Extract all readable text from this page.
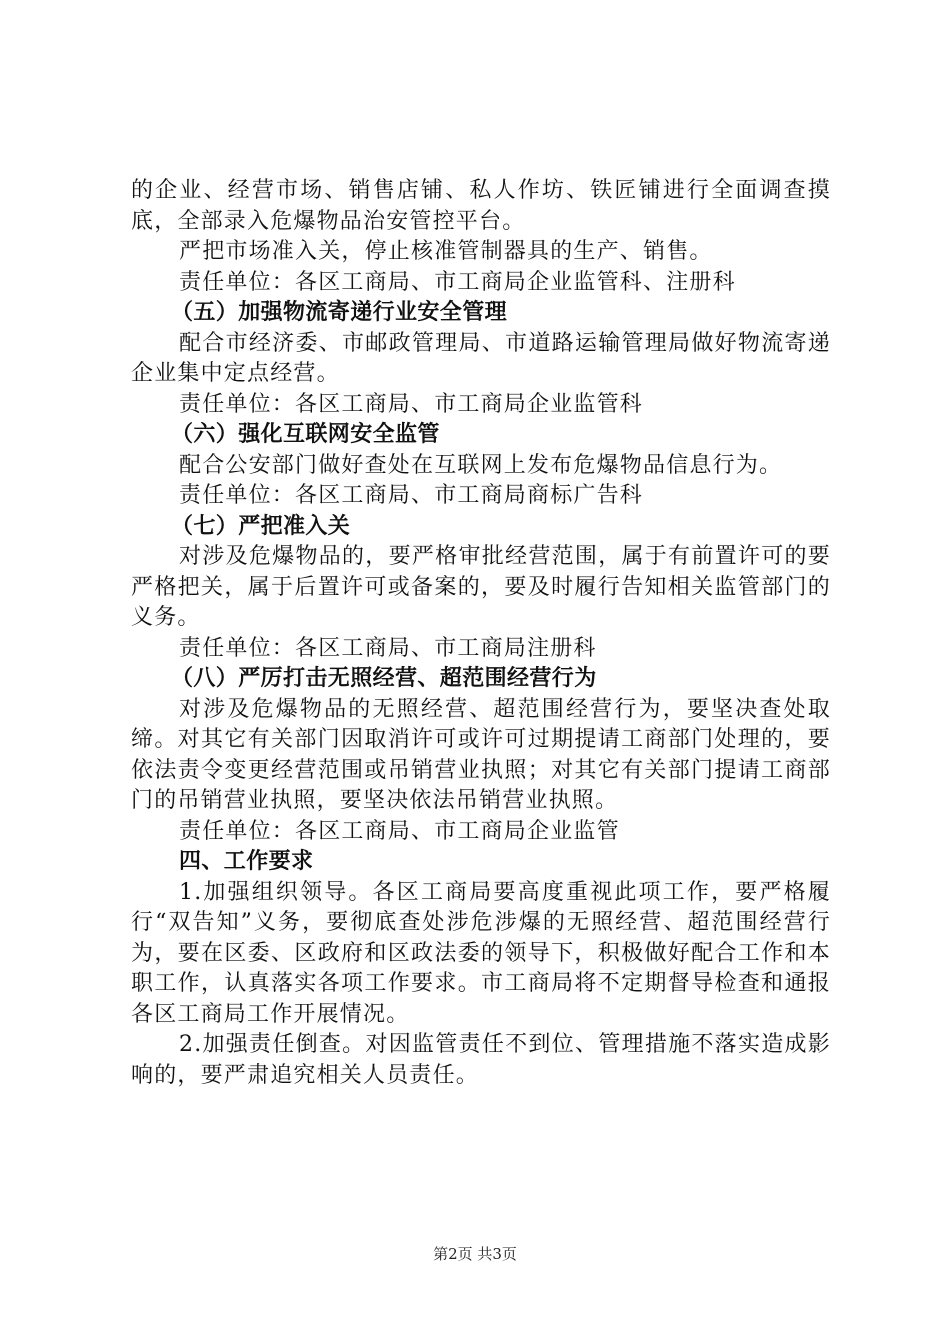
的企业、经营市场、销售店铺、私人作坊、铁匠铺进行全面调查摸底，全部录入危爆物品治安管控平台。

严把市场准入关，停止核准管制器具的生产、销售。

责任单位：各区工商局、市工商局企业监管科、注册科

（五）加强物流寄递行业安全管理

配合市经济委、市邮政管理局、市道路运输管理局做好物流寄递企业集中定点经营。

责任单位：各区工商局、市工商局企业监管科

（六）强化互联网安全监管

配合公安部门做好查处在互联网上发布危爆物品信息行为。

责任单位：各区工商局、市工商局商标广告科

（七）严把准入关

对涉及危爆物品的，要严格审批经营范围，属于有前置许可的要严格把关，属于后置许可或备案的，要及时履行告知相关监管部门的义务。

责任单位：各区工商局、市工商局注册科

（八）严厉打击无照经营、超范围经营行为

对涉及危爆物品的无照经营、超范围经营行为，要坚决查处取缔。对其它有关部门因取消许可或许可过期提请工商部门处理的，要依法责令变更经营范围或吊销营业执照；对其它有关部门提请工商部门的吊销营业执照，要坚决依法吊销营业执照。

责任单位：各区工商局、市工商局企业监管

四、工作要求

1.加强组织领导。各区工商局要高度重视此项工作，要严格履行“双告知”义务，要彻底查处涉危涉爆的无照经营、超范围经营行为，要在区委、区政府和区政法委的领导下，积极做好配合工作和本职工作，认真落实各项工作要求。市工商局将不定期督导检查和通报各区工商局工作开展情况。

2.加强责任倒查。对因监管责任不到位、管理措施不落实造成影响的，要严肃追究相关人员责任。

第2页 共3页
